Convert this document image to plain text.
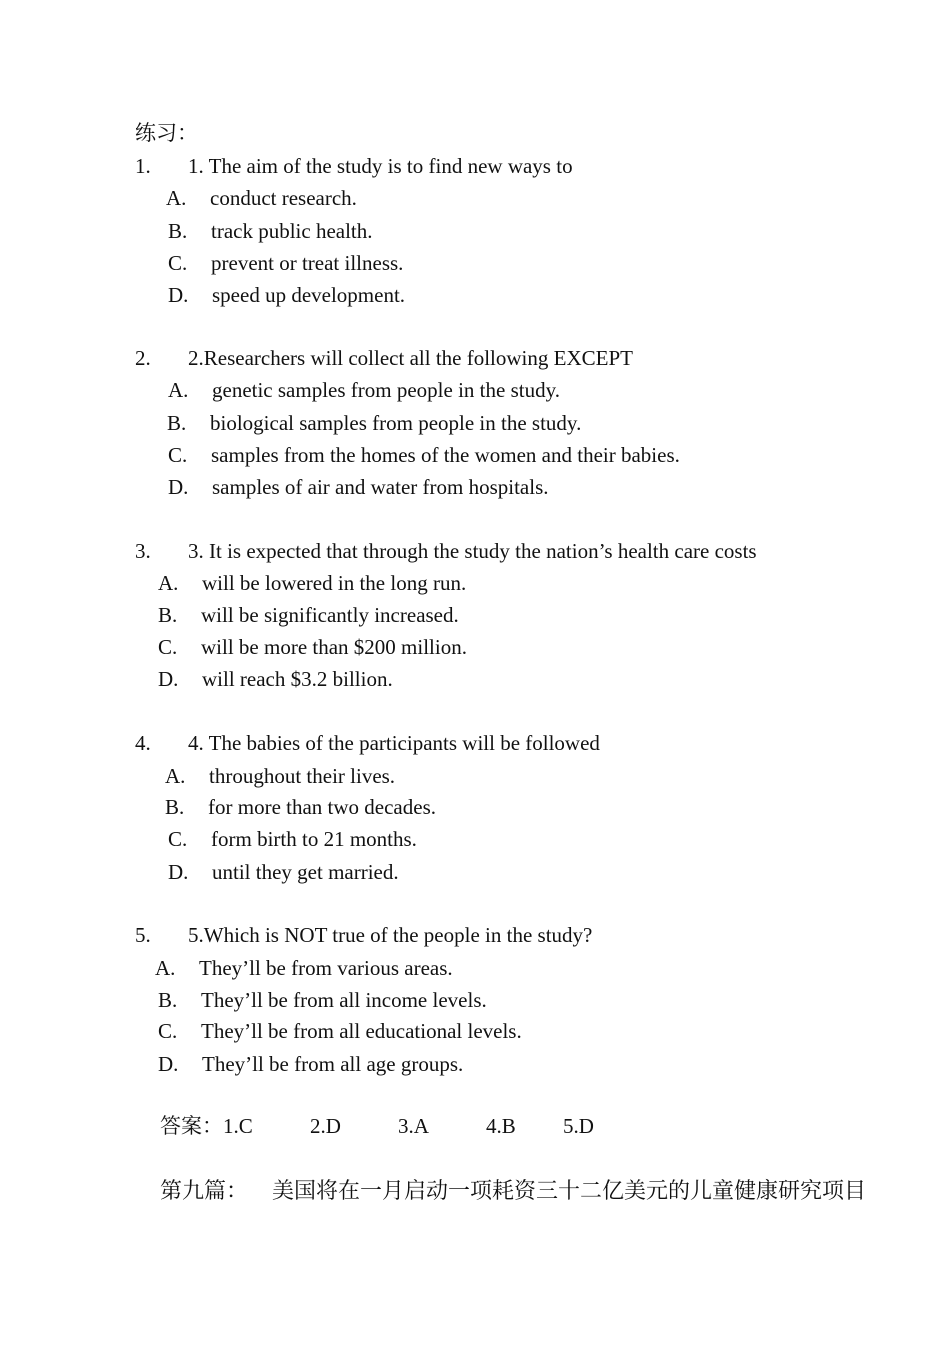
练习：
1. 1. The aim of the study is to find new ways to
A. conduct research.
B. track public health.
C. prevent or treat illness.
D. speed up development.
2. 2.Researchers will collect all the following EXCEPT
A. genetic samples from people in the study.
B. biological samples from people in the study.
C. samples from the homes of the women and their babies.
D. samples of air and water from hospitals.
3. 3. It is expected that through the study the nation’s health care costs
A. will be lowered in the long run.
B. will be significantly increased.
C. will be more than $200 million.
D. will reach $3.2 billion.
4. 4. The babies of the participants will be followed
A. throughout their lives.
B. for more than two decades.
C. form birth to 21 months.
D. until they get married.
5. 5.Which is NOT true of the people in the study?
A. They’ll be from various areas.
B. They’ll be from all income levels.
C. They’ll be from all educational levels.
D. They’ll be from all age groups.
答案：1.C	2.D	3.A	4.B 5.D
第九篇： 美国将在一月启动一项耗资三十二亿美元的儿童健康研究项目
